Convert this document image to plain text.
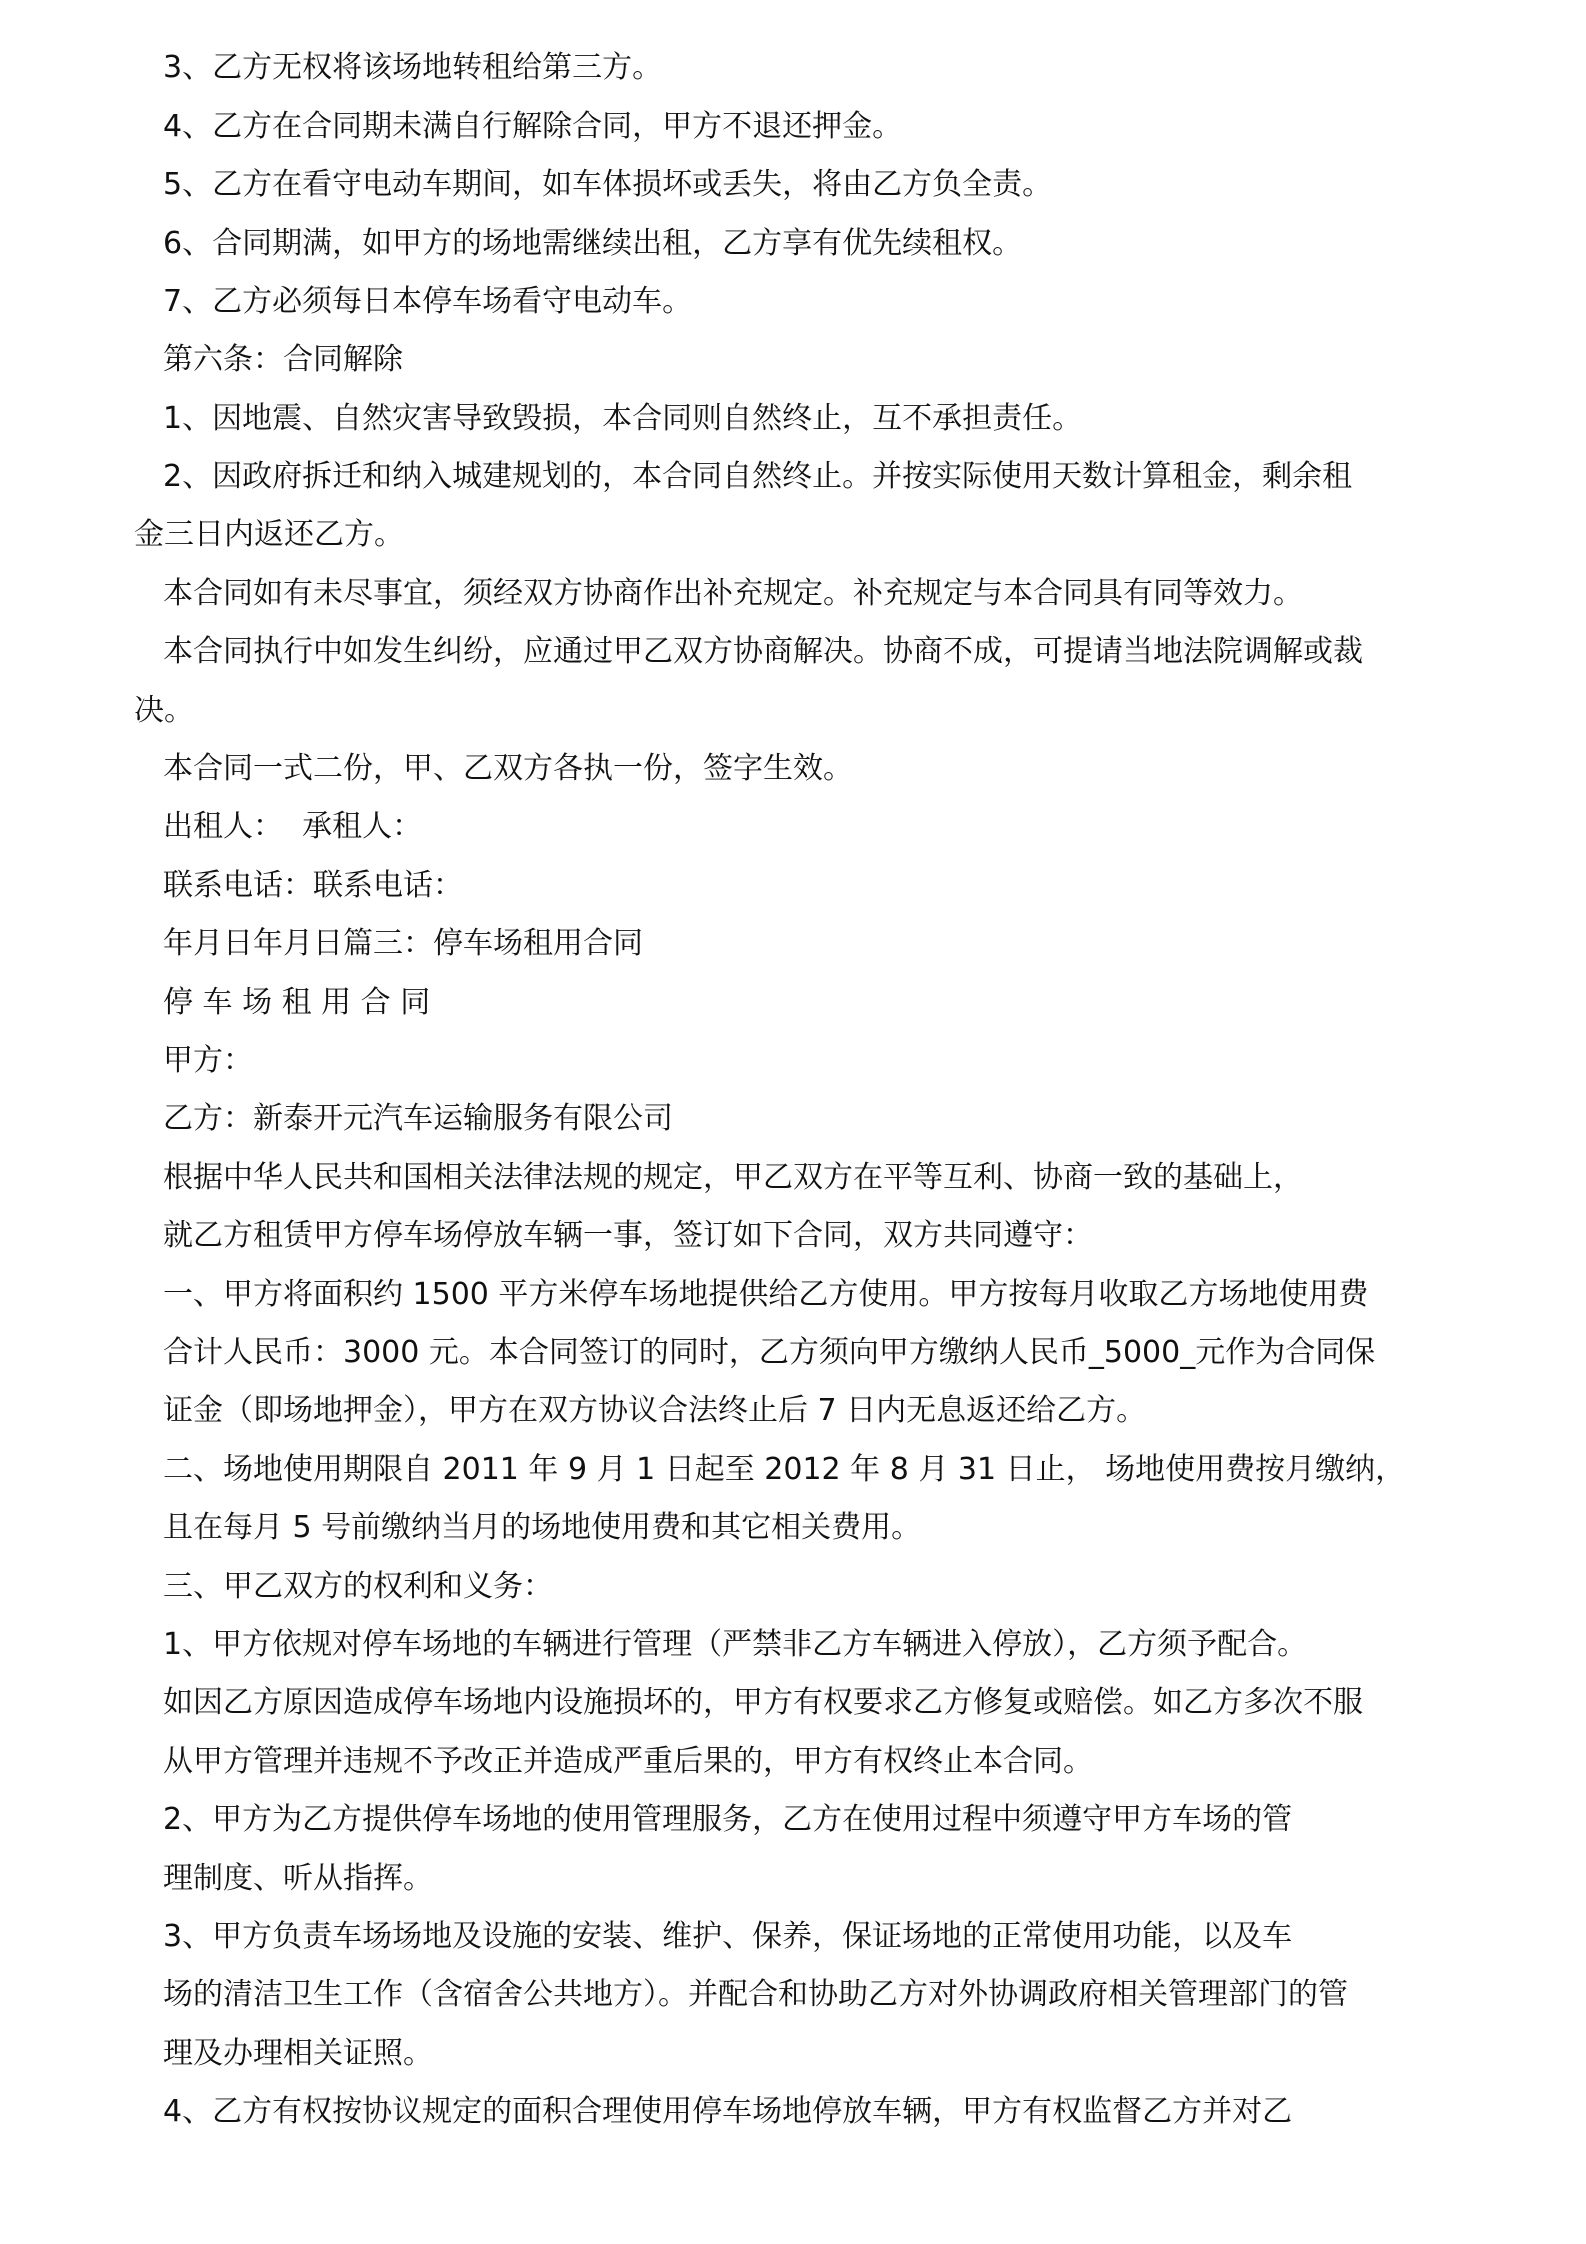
3、乙方无权将该场地转租给第三方。

4、乙方在合同期未满自行解除合同，甲方不退还押金。

5、乙方在看守电动车期间，如车体损坏或丢失，将由乙方负全责。

6、合同期满，如甲方的场地需继续出租，乙方享有优先续租权。

7、乙方必须每日本停车场看守电动车。

第六条：合同解除

1、因地震、自然灾害导致毁损，本合同则自然终止，互不承担责任。

2、因政府拆迁和纳入城建规划的，本合同自然终止。并按实际使用天数计算租金，剩余租

金三日内返还乙方。

本合同如有未尽事宜，须经双方协商作出补充规定。补充规定与本合同具有同等效力。

本合同执行中如发生纠纷，应通过甲乙双方协商解决。协商不成，可提请当地法院调解或裁

决。

本合同一式二份，甲、乙双方各执一份，签字生效。

出租人：  承租人：

联系电话：联系电话：

年月日年月日篇三：停车场租用合同

停 车 场 租 用 合 同

甲方：

乙方：新泰开元汽车运输服务有限公司

根据中华人民共和国相关法律法规的规定，甲乙双方在平等互利、协商一致的基础上，

就乙方租赁甲方停车场停放车辆一事，签订如下合同，双方共同遵守：

一、甲方将面积约 1500 平方米停车场地提供给乙方使用。甲方按每月收取乙方场地使用费

合计人民币：3000 元。本合同签订的同时，乙方须向甲方缴纳人民币_5000_元作为合同保

证金（即场地押金），甲方在双方协议合法终止后 7 日内无息返还给乙方。

二、场地使用期限自 2011 年 9 月 1 日起至 2012 年 8 月 31 日止， 场地使用费按月缴纳，

且在每月 5 号前缴纳当月的场地使用费和其它相关费用。

三、甲乙双方的权利和义务：

1、甲方依规对停车场地的车辆进行管理（严禁非乙方车辆进入停放），乙方须予配合。

如因乙方原因造成停车场地内设施损坏的，甲方有权要求乙方修复或赔偿。如乙方多次不服

从甲方管理并违规不予改正并造成严重后果的，甲方有权终止本合同。

2、甲方为乙方提供停车场地的使用管理服务，乙方在使用过程中须遵守甲方车场的管

理制度、听从指挥。

3、甲方负责车场场地及设施的安装、维护、保养，保证场地的正常使用功能，以及车

场的清洁卫生工作（含宿舍公共地方）。并配合和协助乙方对外协调政府相关管理部门的管

理及办理相关证照。

4、乙方有权按协议规定的面积合理使用停车场地停放车辆，甲方有权监督乙方并对乙
